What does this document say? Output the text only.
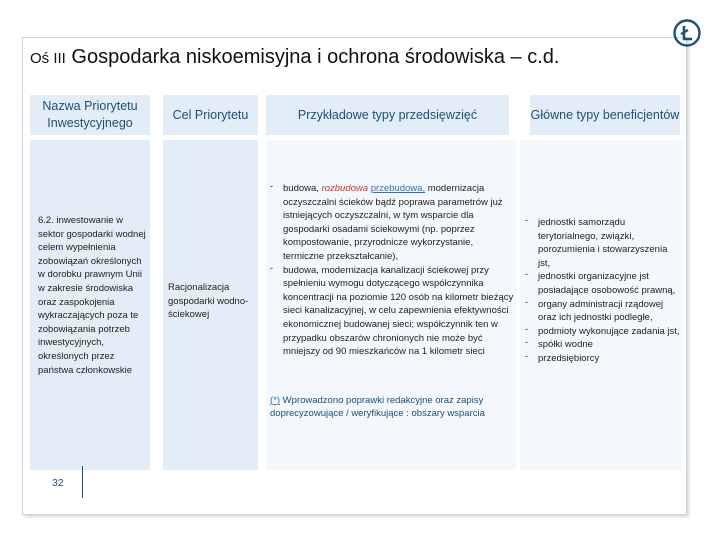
Oś III Gospodarka niskoemisyjna i ochrona środowiska – c.d.
Nazwa Priorytetu Inwestycyjnego
Cel Priorytetu	Przykładowe typy przedsięwzięć	Główne typy beneficjentów
6.2. inwestowanie w sektor gospodarki wodnej celem wypełnienia zobowiązań określonych w dorobku prawnym Unii w zakresie środowiska oraz zaspokojenia wykraczających poza te zobowiązania potrzeb inwestycyjnych, określonych przez państwa członkowskie
Racjonalizacja gospodarki wodno-ściekowej
- budowa, rozbudowa przebudowa, modernizacja oczyszczalni ścieków bądź poprawa parametrów już istniejących oczyszczalni, w tym wsparcie dla gospodarki osadami ściekowymi (np. poprzez kompostowanie, przyrodnicze wykorzystanie, termiczne przekształcanie),
- budowa, modernizacja kanalizacji ściekowej przy spełnieniu wymogu dotyczącego współczynnika koncentracji na poziomie 120 osób na kilometr bieżący sieci kanalizacyjnej, w celu zapewnienia efektywności ekonomicznej budowanej sieci; współczynnik ten w przypadku obszarów chronionych nie może być mniejszy od 90 mieszkańców na 1 kilometr sieci
- jednostki samorządu terytorialnego, związki, porozumienia i stowarzyszenia jst,
- jednostki organizacyjne jst posiadające osobowość prawną,
- organy administracji rządowej oraz ich jednostki podległe,
- podmioty wykonujące zadania jst,
- spółki wodne
- przedsiębiorcy
(*) Wprowadzono poprawki redakcyjne oraz zapisy doprecyzowujące / weryfikujące : obszary wsparcia
32
